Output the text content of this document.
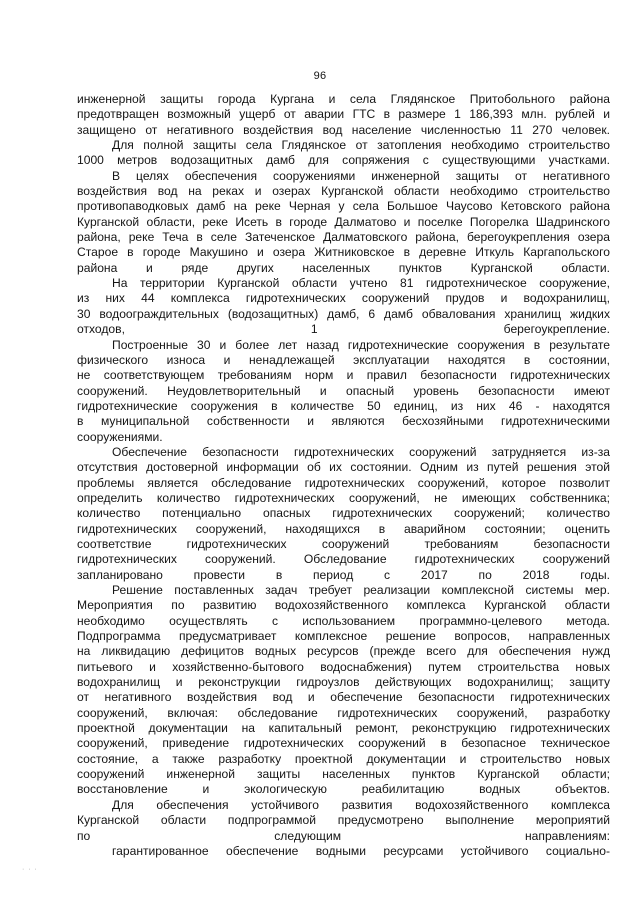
96
инженерной защиты города Кургана и села Глядянское Притобольного района
предотвращен возможный ущерб от аварии ГТС в размере 1 186,393 млн. рублей и
защищено от негативного воздействия вод население численностью 11 270 человек.
Для полной защиты села Глядянское от затопления необходимо строительство
1000 метров водозащитных дамб для сопряжения с существующими участками.
В целях обеспечения сооружениями инженерной защиты от негативного
воздействия вод на реках и озерах Курганской области необходимо строительство
противопаводковых дамб на реке Черная у села Большое Чаусово Кетовского района
Курганской области, реке Исеть в городе Далматово и поселке Погорелка Шадринского
района, реке Теча в селе Затеченское Далматовского района, берегоукрепления озера
Старое в городе Макушино и озера Житниковское в деревне Иткуль Каргапольского
района и ряде других населенных пунктов Курганской области.
На территории Курганской области учтено 81 гидротехническое сооружение,
из них 44 комплекса гидротехнических сооружений прудов и водохранилищ,
30 водоограждительных (водозащитных) дамб, 6 дамб обвалования хранилищ жидких
отходов, 1 берегоукрепление.
Построенные 30 и более лет назад гидротехнические сооружения в результате
физического износа и ненадлежащей эксплуатации находятся в состоянии,
не соответствующем требованиям норм и правил безопасности гидротехнических
сооружений. Неудовлетворительный и опасный уровень безопасности имеют
гидротехнические сооружения в количестве 50 единиц, из них 46 - находятся
в муниципальной собственности и являются бесхозяйными гидротехническими
сооружениями.
Обеспечение безопасности гидротехнических сооружений затрудняется из-за
отсутствия достоверной информации об их состоянии. Одним из путей решения этой
проблемы является обследование гидротехнических сооружений, которое позволит
определить количество гидротехнических сооружений, не имеющих собственника;
количество потенциально опасных гидротехнических сооружений; количество
гидротехнических сооружений, находящихся в аварийном состоянии; оценить
соответствие гидротехнических сооружений требованиям безопасности
гидротехнических сооружений. Обследование гидротехнических сооружений
запланировано провести в период с 2017 по 2018 годы.
Решение поставленных задач требует реализации комплексной системы мер.
Мероприятия по развитию водохозяйственного комплекса Курганской области
необходимо осуществлять с использованием программно-целевого метода.
Подпрограмма предусматривает комплексное решение вопросов, направленных
на ликвидацию дефицитов водных ресурсов (прежде всего для обеспечения нужд
питьевого и хозяйственно-бытового водоснабжения) путем строительства новых
водохранилищ и реконструкции гидроузлов действующих водохранилищ; защиту
от негативного воздействия вод и обеспечение безопасности гидротехнических
сооружений, включая: обследование гидротехнических сооружений, разработку
проектной документации на капитальный ремонт, реконструкцию гидротехнических
сооружений, приведение гидротехнических сооружений в безопасное техническое
состояние, а также разработку проектной документации и строительство новых
сооружений инженерной защиты населенных пунктов Курганской области;
восстановление и экологическую реабилитацию водных объектов.
Для обеспечения устойчивого развития водохозяйственного комплекса
Курганской области подпрограммой предусмотрено выполнение мероприятий
по следующим направлениям:
гарантированное обеспечение водными ресурсами устойчивого социально-
· · ·
